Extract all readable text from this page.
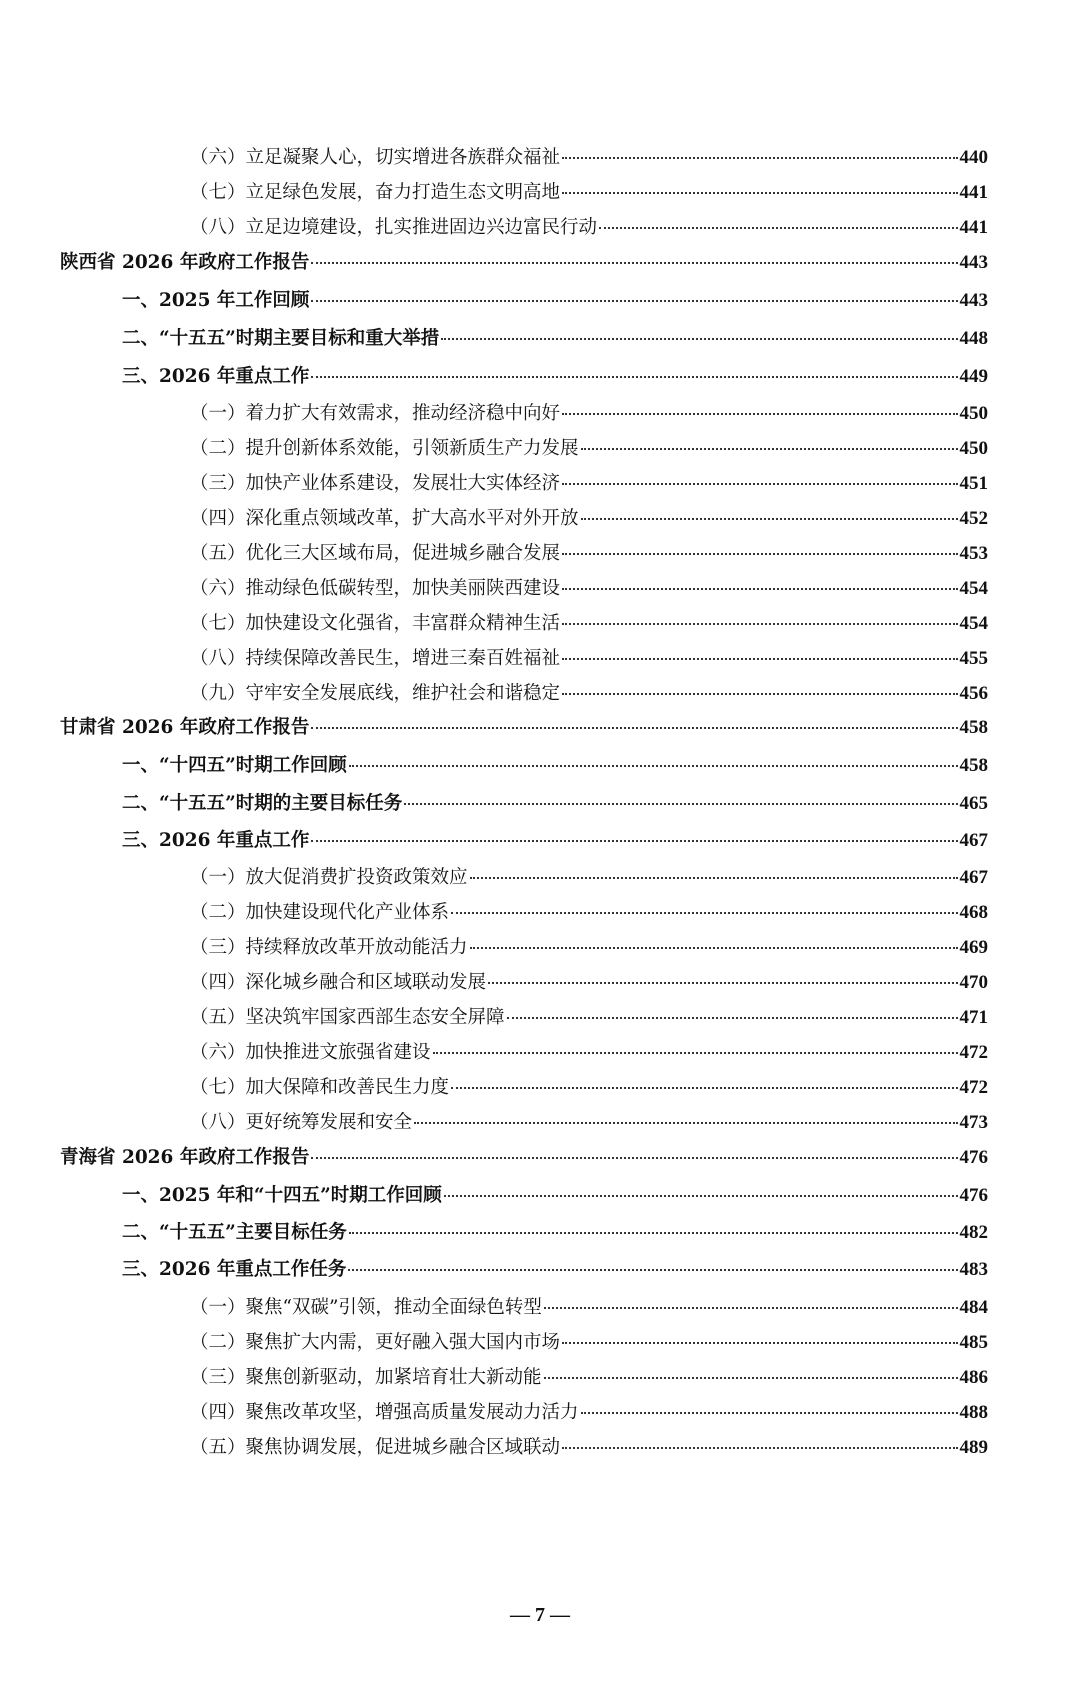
（六）立足凝聚人心，切实增进各族群众福祉	440
（七）立足绿色发展，奋力打造生态文明高地	441
（八）立足边境建设，扎实推进固边兴边富民行动	441
陕西省 2026 年政府工作报告	443
一、2025 年工作回顾	443
二、“十五五”时期主要目标和重大举措	448
三、2026 年重点工作	449
（一）着力扩大有效需求，推动经济稳中向好	450
（二）提升创新体系效能，引领新质生产力发展	450
（三）加快产业体系建设，发展壮大实体经济	451
（四）深化重点领域改革，扩大高水平对外开放	452
（五）优化三大区域布局，促进城乡融合发展	453
（六）推动绿色低碳转型，加快美丽陕西建设	454
（七）加快建设文化强省，丰富群众精神生活	454
（八）持续保障改善民生，增进三秦百姓福祉	455
（九）守牢安全发展底线，维护社会和谐稳定	456
甘肃省 2026 年政府工作报告	458
一、“十四五”时期工作回顾	458
二、“十五五”时期的主要目标任务	465
三、2026 年重点工作	467
（一）放大促消费扩投资政策效应	467
（二）加快建设现代化产业体系	468
（三）持续释放改革开放动能活力	469
（四）深化城乡融合和区域联动发展	470
（五）坚决筑牢国家西部生态安全屏障	471
（六）加快推进文旅强省建设	472
（七）加大保障和改善民生力度	472
（八）更好统筹发展和安全	473
青海省 2026 年政府工作报告	476
一、2025 年和“十四五”时期工作回顾	476
二、“十五五”主要目标任务	482
三、2026 年重点工作任务	483
（一）聚焦“双碳”引领，推动全面绿色转型	484
（二）聚焦扩大内需，更好融入强大国内市场	485
（三）聚焦创新驱动，加紧培育壮大新动能	486
（四）聚焦改革攻坚，增强高质量发展动力活力	488
（五）聚焦协调发展，促进城乡融合区域联动	489
— 7 —
